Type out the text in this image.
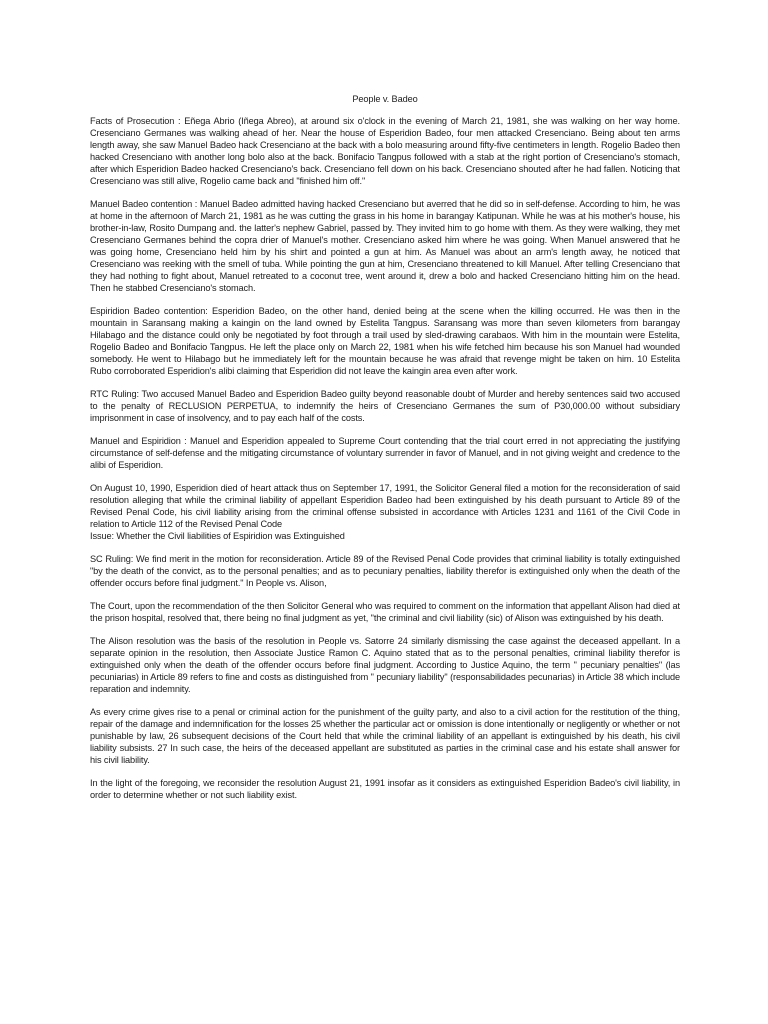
People v. Badeo
Facts of Prosecution : Eñega Abrio (Iñega Abreo), at around six o'clock in the evening of March 21, 1981, she was walking on her way home. Cresenciano Germanes was walking ahead of her. Near the house of Esperidion Badeo, four men attacked Cresenciano. Being about ten arms length away, she saw Manuel Badeo hack Cresenciano at the back with a bolo measuring around fifty-five centimeters in length. Rogelio Badeo then hacked Cresenciano with another long bolo also at the back. Bonifacio Tangpus followed with a stab at the right portion of Cresenciano's stomach, after which Esperidion Badeo hacked Cresenciano's back. Cresenciano fell down on his back. Cresenciano shouted after he had fallen. Noticing that Cresenciano was still alive, Rogelio came back and "finished him off."
Manuel Badeo contention : Manuel Badeo admitted having hacked Cresenciano but averred that he did so in self-defense. According to him, he was at home in the afternoon of March 21, 1981 as he was cutting the grass in his home in barangay Katipunan. While he was at his mother's house, his brother-in-law, Rosito Dumpang and. the latter's nephew Gabriel, passed by. They invited him to go home with them. As they were walking, they met Cresenciano Germanes behind the copra drier of Manuel's mother. Cresenciano asked him where he was going. When Manuel answered that he was going home, Cresenciano held him by his shirt and pointed a gun at him. As Manuel was about an arm's length away, he noticed that Cresenciano was reeking with the smell of tuba. While pointing the gun at him, Cresenciano threatened to kill Manuel. After telling Cresenciano that they had nothing to fight about, Manuel retreated to a coconut tree, went around it, drew a bolo and hacked Cresenciano hitting him on the head. Then he stabbed Cresenciano's stomach.
Espiridion Badeo contention: Esperidion Badeo, on the other hand, denied being at the scene when the killing occurred. He was then in the mountain in Saransang making a kaingin on the land owned by Estelita Tangpus. Saransang was more than seven kilometers from barangay Hilabago and the distance could only be negotiated by foot through a trail used by sled-drawing carabaos. With him in the mountain were Estelita, Rogelio Badeo and Bonifacio Tangpus. He left the place only on March 22, 1981 when his wife fetched him because his son Manuel had wounded somebody. He went to Hilabago but he immediately left for the mountain because he was afraid that revenge might be taken on him. 10 Estelita Rubo corroborated Esperidion's alibi claiming that Esperidion did not leave the kaingin area even after work.
RTC Ruling: Two accused Manuel Badeo and Esperidion Badeo guilty beyond reasonable doubt of Murder and hereby sentences said two accused to the penalty of RECLUSION PERPETUA, to indemnify the heirs of Cresenciano Germanes the sum of P30,000.00 without subsidiary imprisonment in case of insolvency, and to pay each half of the costs.
Manuel and Espiridion : Manuel and Esperidion appealed to Supreme Court contending that the trial court erred in not appreciating the justifying circumstance of self-defense and the mitigating circumstance of voluntary surrender in favor of Manuel, and in not giving weight and credence to the alibi of Esperidion.
On August 10, 1990, Esperidion died of heart attack thus on September 17, 1991, the Solicitor General filed a motion for the reconsideration of said resolution alleging that while the criminal liability of appellant Esperidion Badeo had been extinguished by his death pursuant to Article 89 of the Revised Penal Code, his civil liability arising from the criminal offense subsisted in accordance with Articles 1231 and 1161 of the Civil Code in relation to Article 112 of the Revised Penal Code
Issue: Whether the Civil liabilities of Espiridion was Extinguished
SC Ruling: We find merit in the motion for reconsideration. Article 89 of the Revised Penal Code provides that criminal liability is totally extinguished "by the death of the convict, as to the personal penalties; and as to pecuniary penalties, liability therefor is extinguished only when the death of the offender occurs before final judgment." In People vs. Alison,
The Court, upon the recommendation of the then Solicitor General who was required to comment on the information that appellant Alison had died at the prison hospital, resolved that, there being no final judgment as yet, "the criminal and civil liability (sic) of Alison was extinguished by his death.
The Alison resolution was the basis of the resolution in People vs. Satorre 24 similarly dismissing the case against the deceased appellant. In a separate opinion in the resolution, then Associate Justice Ramon C. Aquino stated that as to the personal penalties, criminal liability therefor is extinguished only when the death of the offender occurs before final judgment. According to Justice Aquino, the term " pecuniary penalties" (las pecuniarias) in Article 89 refers to fine and costs as distinguished from " pecuniary liability" (responsabilidades pecunarias) in Article 38 which include reparation and indemnity.
As every crime gives rise to a penal or criminal action for the punishment of the guilty party, and also to a civil action for the restitution of the thing, repair of the damage and indemnification for the losses 25 whether the particular act or omission is done intentionally or negligently or whether or not punishable by law, 26 subsequent decisions of the Court held that while the criminal liability of an appellant is extinguished by his death, his civil liability subsists. 27 In such case, the heirs of the deceased appellant are substituted as parties in the criminal case and his estate shall answer for his civil liability.
In the light of the foregoing, we reconsider the resolution August 21, 1991 insofar as it considers as extinguished Esperidion Badeo's civil liability, in order to determine whether or not such liability exist.
